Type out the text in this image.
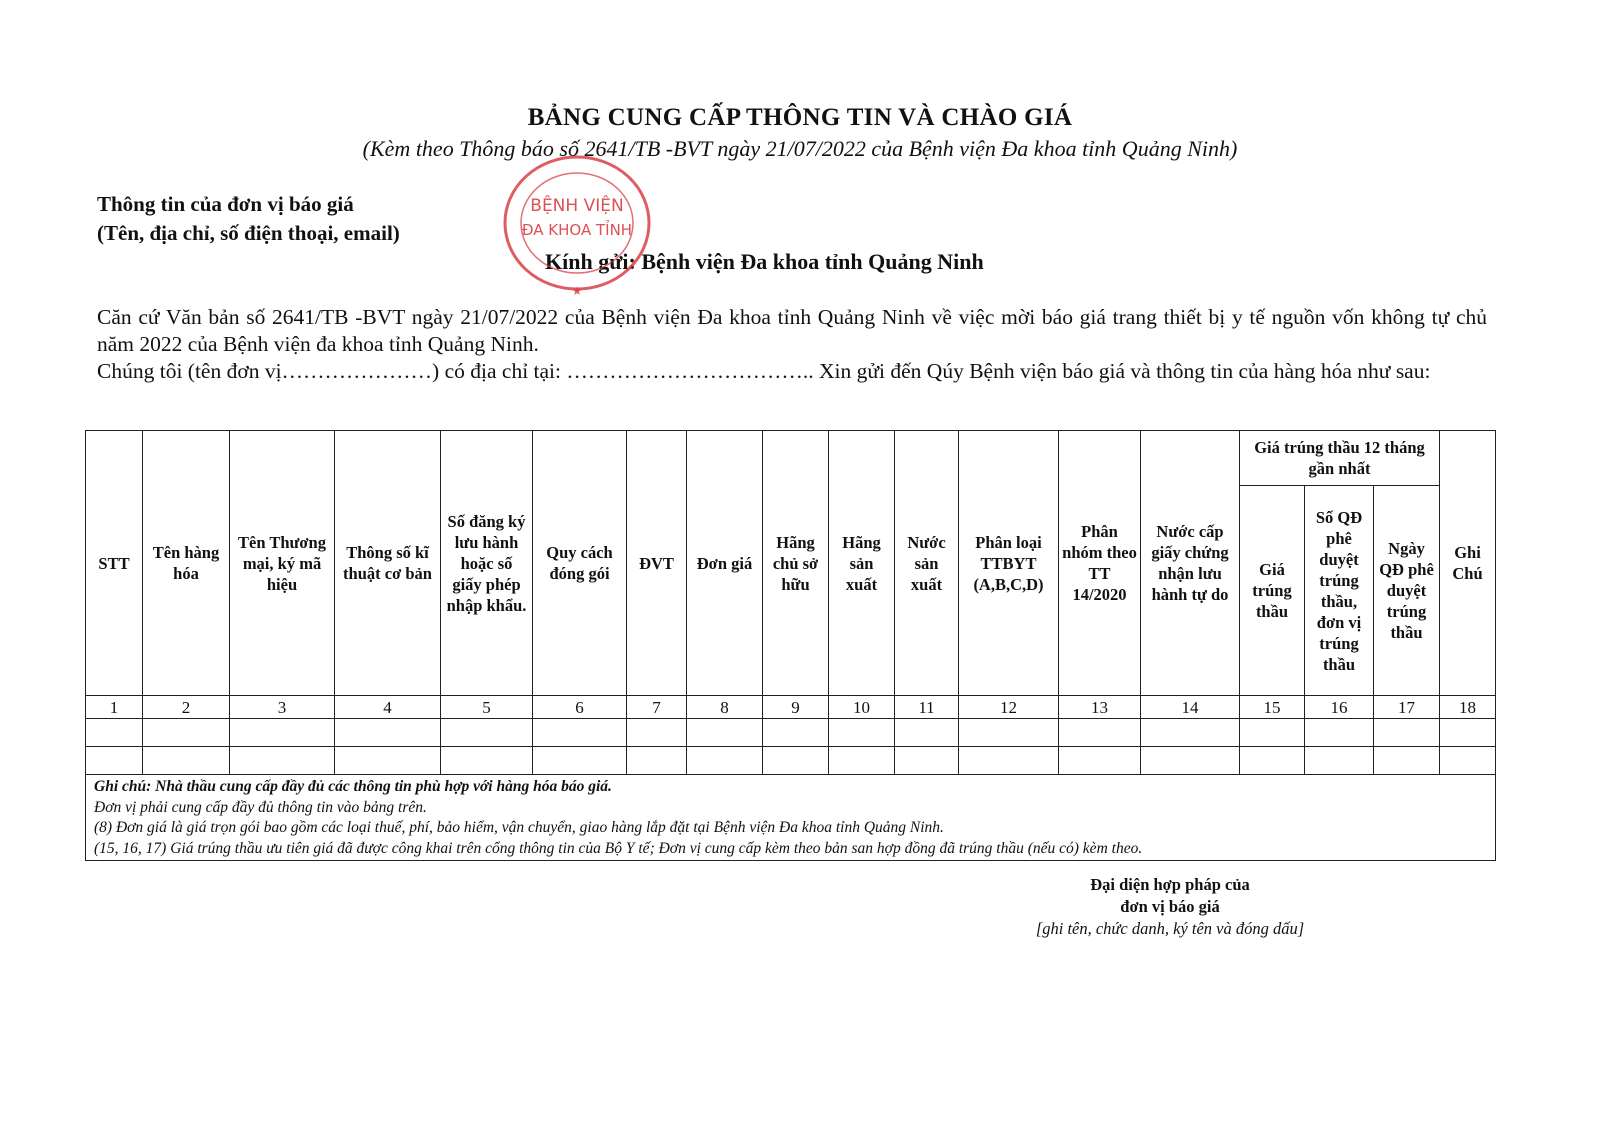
BẢNG CUNG CẤP THÔNG TIN VÀ CHÀO GIÁ
(Kèm theo Thông báo số 2641/TB -BVT ngày 21/07/2022 của Bệnh viện Đa khoa tỉnh Quảng Ninh)
Thông tin của đơn vị báo giá
(Tên, địa chỉ, số điện thoại, email)
Kính gửi: Bệnh viện Đa khoa tỉnh Quảng Ninh

Căn cứ Văn bản số 2641/TB -BVT ngày 21/07/2022 của Bệnh viện Đa khoa tỉnh Quảng Ninh về việc mời báo giá trang thiết bị y tế nguồn vốn không tự chủ năm 2022 của Bệnh viện đa khoa tỉnh Quảng Ninh.

Chúng tôi (tên đơn vị…………………) có địa chỉ tại: …………………………….. Xin gửi đến Qúy Bệnh viện báo giá và thông tin của hàng hóa như sau:

STT	Tên hàng hóa	Tên Thương mại, ký mã hiệu	Thông số kĩ thuật cơ bản	Số đăng ký lưu hành hoặc số giấy phép nhập khẩu.	Quy cách đóng gói	ĐVT	Đơn giá	Hãng chủ sở hữu	Hãng sản xuất	Nước sản xuất	Phân loại TTBYT (A,B,C,D)	Phân nhóm theo TT 14/2020	Nước cấp giấy chứng nhận lưu hành tự do	Giá trúng thầu 12 tháng gần nhất			Ghi Chú
														Giá trúng thầu	Số QĐ phê duyệt trúng thầu, đơn vị trúng thầu	Ngày QĐ phê duyệt trúng thầu	
1	2	3	4	5	6	7	8	9	10	11	12	13	14	15	16	17	18

Ghi chú: Nhà thầu cung cấp đầy đủ các thông tin phù hợp với hàng hóa báo giá.
Đơn vị phải cung cấp đầy đủ thông tin vào bảng trên.
(8) Đơn giá là giá trọn gói bao gồm các loại thuế, phí, bảo hiểm, vận chuyển, giao hàng lắp đặt tại Bệnh viện Đa khoa tỉnh Quảng Ninh.
(15, 16, 17) Giá trúng thầu ưu tiên giá đã được công khai trên cổng thông tin của Bộ Y tế; Đơn vị cung cấp kèm theo bản san hợp đồng đã trúng thầu (nếu có) kèm theo.																	
Đại diện hợp pháp của
đơn vị báo giá
[ghi tên, chức danh, ký tên và đóng dấu]
BỆNH VIỆN
ĐA KHOA TỈNH
★
